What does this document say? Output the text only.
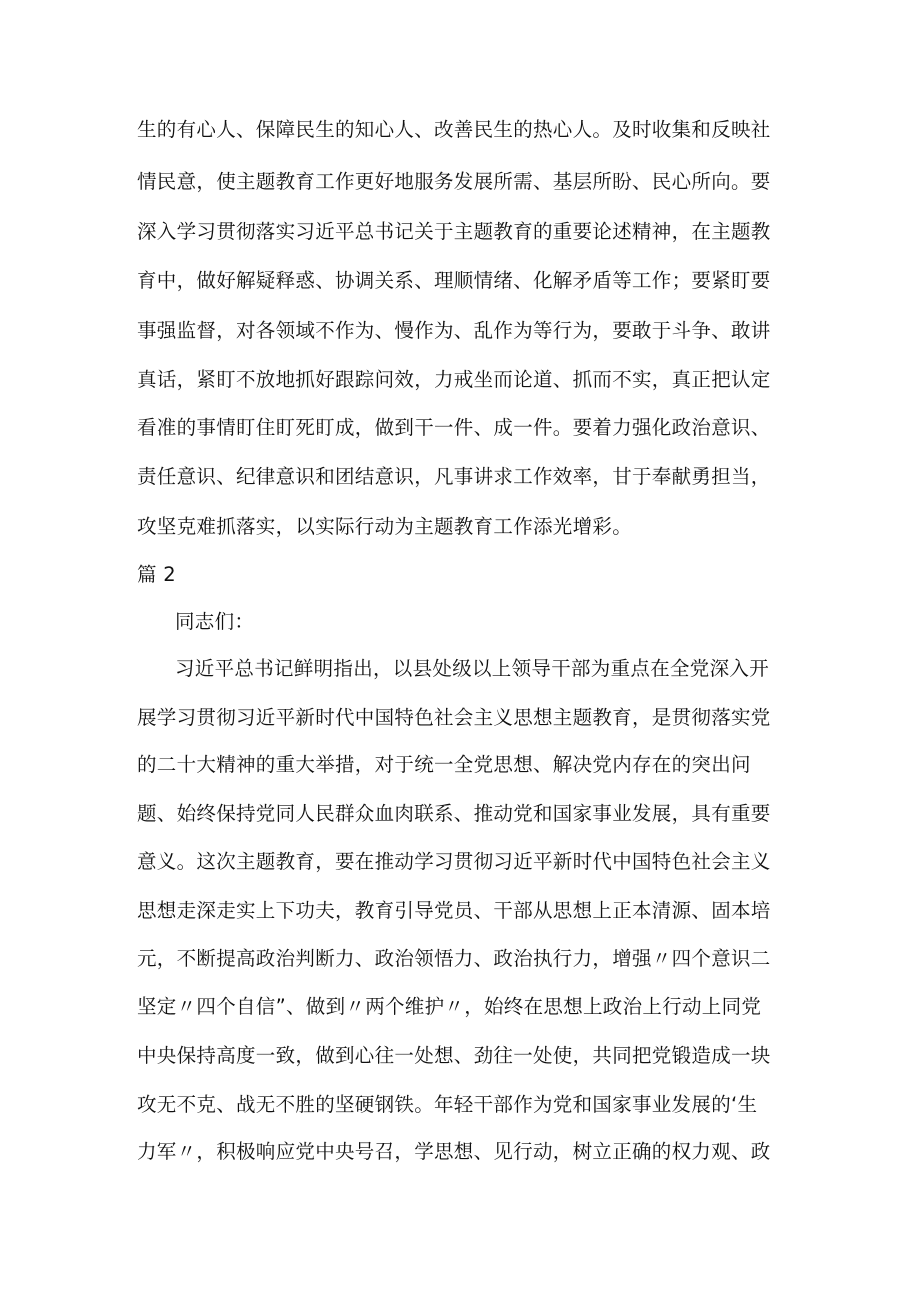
生的有心人、保障民生的知心人、改善民生的热心人。及时收集和反映社
情民意，使主题教育工作更好地服务发展所需、基层所盼、民心所向。要
深入学习贯彻落实习近平总书记关于主题教育的重要论述精神，在主题教
育中，做好解疑释惑、协调关系、理顺情绪、化解矛盾等工作；要紧盯要
事强监督，对各领域不作为、慢作为、乱作为等行为，要敢于斗争、敢讲
真话，紧盯不放地抓好跟踪问效，力戒坐而论道、抓而不实，真正把认定
看准的事情盯住盯死盯成，做到干一件、成一件。要着力强化政治意识、
责任意识、纪律意识和团结意识，凡事讲求工作效率，甘于奉献勇担当，
攻坚克难抓落实，以实际行动为主题教育工作添光增彩。
篇 2
同志们：
习近平总书记鲜明指出，以县处级以上领导干部为重点在全党深入开
展学习贯彻习近平新时代中国特色社会主义思想主题教育，是贯彻落实党
的二十大精神的重大举措，对于统一全党思想、解决党内存在的突出问
题、始终保持党同人民群众血肉联系、推动党和国家事业发展，具有重要
意义。这次主题教育，要在推动学习贯彻习近平新时代中国特色社会主义
思想走深走实上下功夫，教育引导党员、干部从思想上正本清源、固本培
元，不断提高政治判断力、政治领悟力、政治执行力，增强〃四个意识二
坚定〃四个自信”、做到〃两个维护〃，始终在思想上政治上行动上同党
中央保持高度一致，做到心往一处想、劲往一处使，共同把党锻造成一块
攻无不克、战无不胜的坚硬钢铁。年轻干部作为党和国家事业发展的‘生
力军〃，积极响应党中央号召，学思想、见行动，树立正确的权力观、政
